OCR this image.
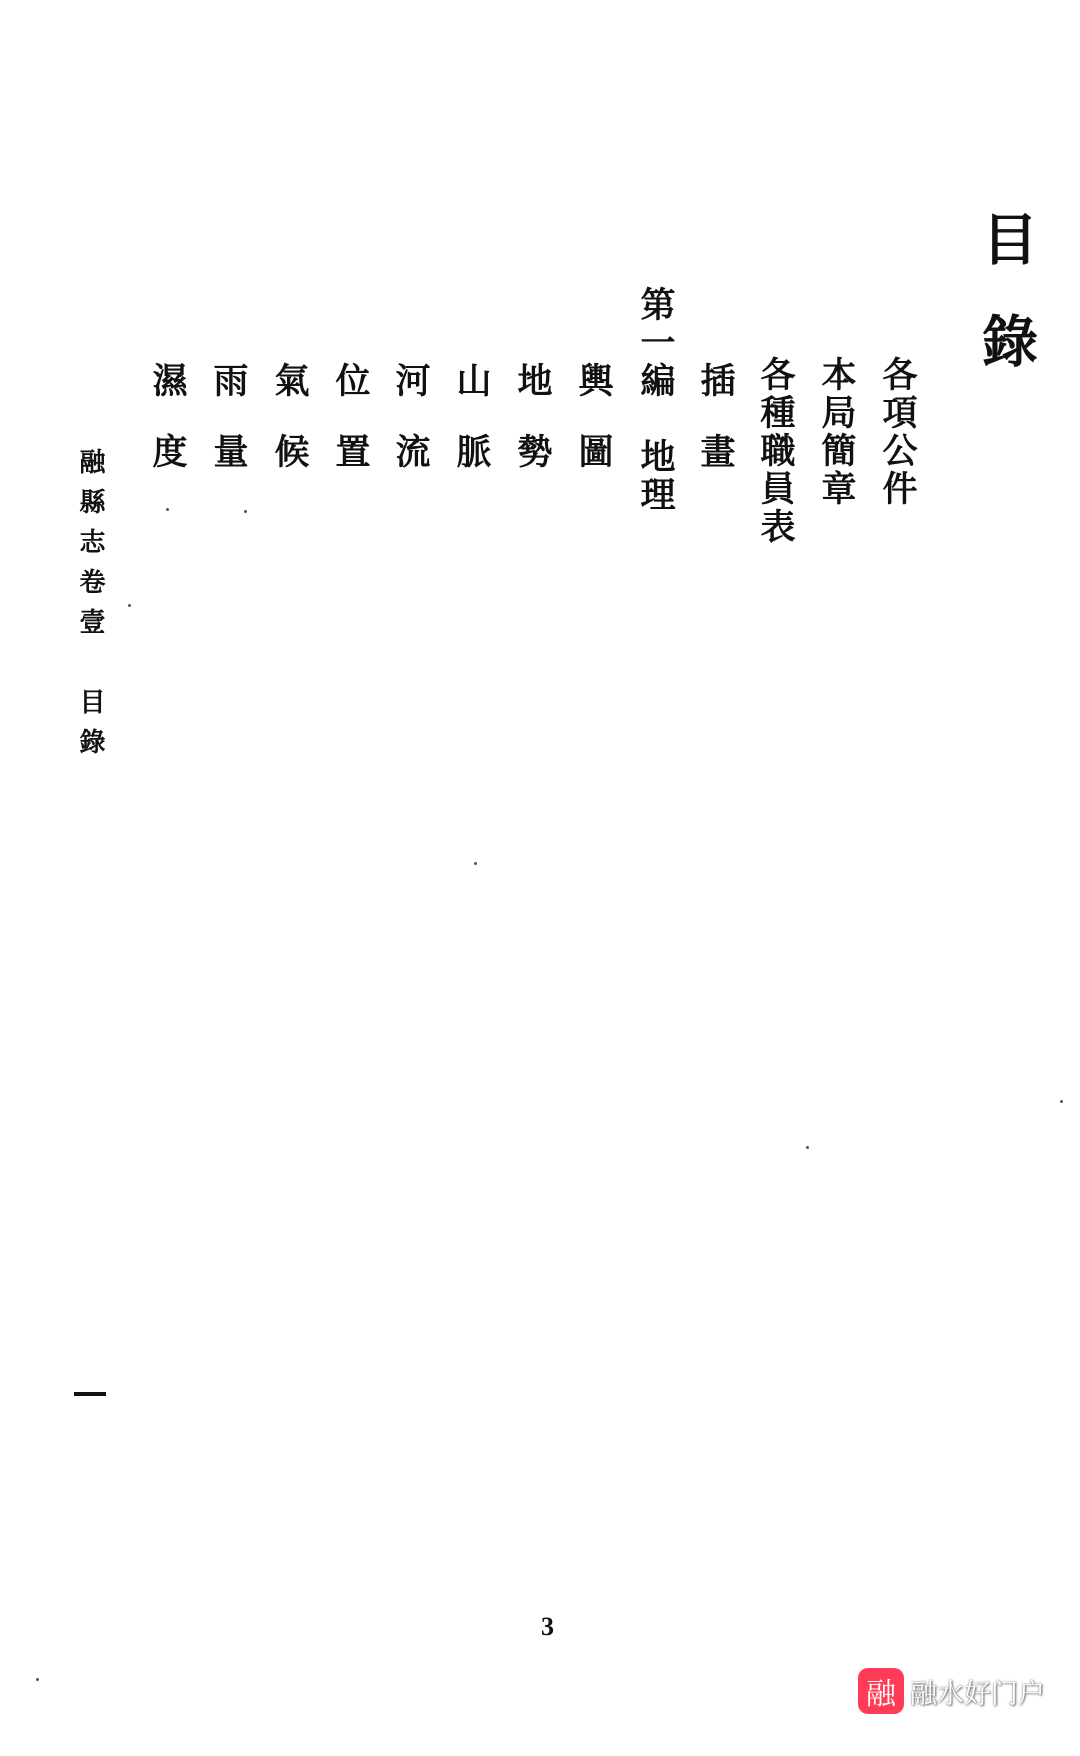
目錄
各項公件
本局簡章
各種職員表
插畫
第一編　地理
輿圖
地勢
山脈
河流
位置
氣候
雨量
濕度
融縣志卷壹　目錄
3
融 融水好门户
